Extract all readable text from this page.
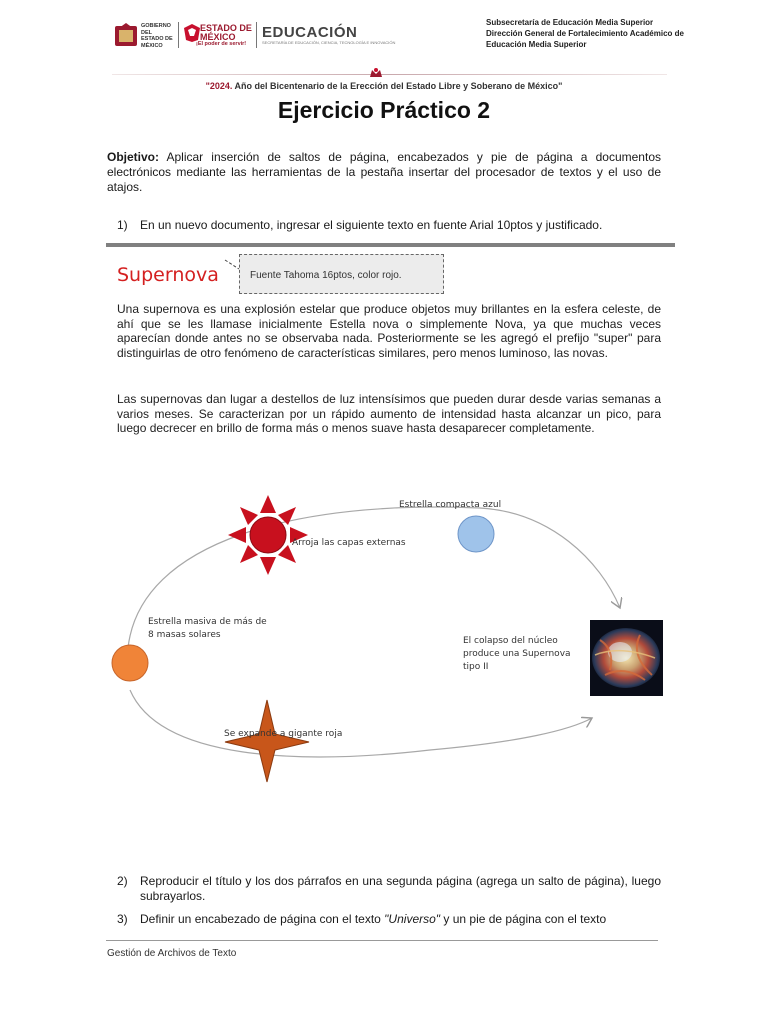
GOBIERNO DEL ESTADO DE MÉXICO
ESTADO DE MÉXICO
¡El poder de servir!
EDUCACIÓN
SECRETARÍA DE EDUCACIÓN, CIENCIA, TECNOLOGÍA E INNOVACIÓN
Subsecretaría de Educación Media Superior
Dirección General de Fortalecimiento Académico de
Educación Media Superior
"2024. Año del Bicentenario de la Erección del Estado Libre y Soberano de México"
Ejercicio Práctico 2
Objetivo: Aplicar inserción de saltos de página, encabezados y pie de página a documentos electrónicos mediante las herramientas de la pestaña insertar del procesador de textos y el uso de atajos.
1) En un nuevo documento, ingresar el siguiente texto en fuente Arial 10ptos y justificado.
Supernova	Fuente Tahoma 16ptos, color rojo.
Una supernova es una explosión estelar que produce objetos muy brillantes en la esfera celeste, de ahí que se les llamase inicialmente Estella nova o simplemente Nova, ya que muchas veces aparecían donde antes no se observaba nada. Posteriormente se les agregó el prefijo "super" para distinguirlas de otro fenómeno de características similares, pero menos luminoso, las novas.
Las supernovas dan lugar a destellos de luz intensísimos que pueden durar desde varias semanas a varios meses. Se caracterizan por un rápido aumento de intensidad hasta alcanzar un pico, para luego decrecer en brillo de forma más o menos suave hasta desaparecer completamente.
Estrella compacta azul
Arroja las capas externas
Estrella masiva de más de
8 masas solares
El colapso del núcleo
produce una Supernova
tipo II
Se expande a gigante roja
2) Reproducir el título y los dos párrafos en una segunda página (agrega un salto de página), luego subrayarlos.
3) Definir un encabezado de página con el texto "Universo" y un pie de página con el texto
Gestión de Archivos de Texto
